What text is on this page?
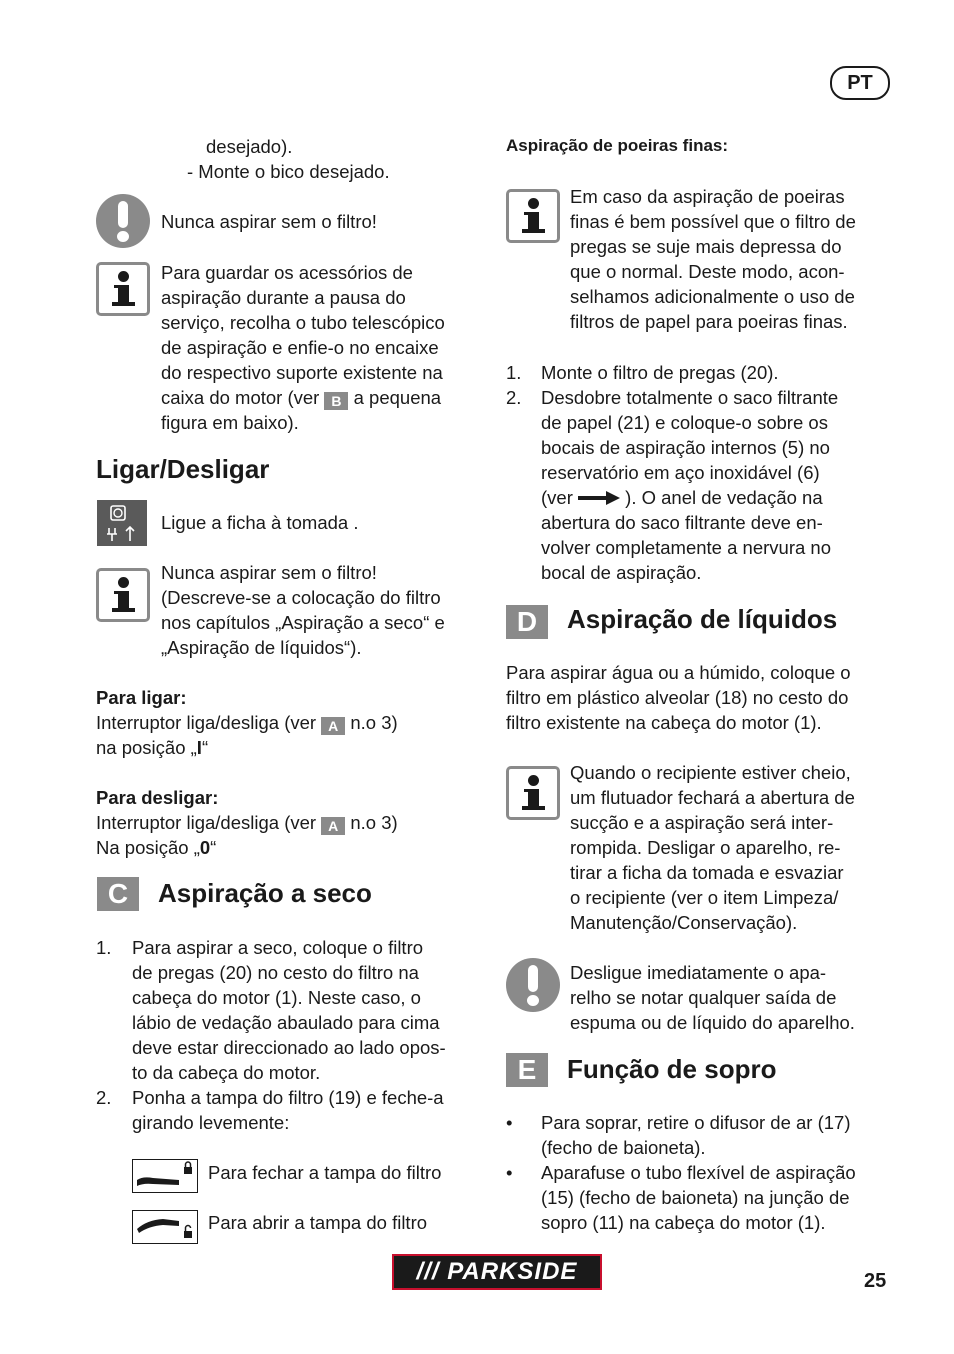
PT
desejado).
- Monte o bico desejado.
Nunca aspirar sem o filtro!
Para guardar os acessórios de
aspiração durante a pausa do
serviço, recolha o tubo telescópico
de aspiração e enfie-o no encaixe
do respectivo suporte existente na
caixa do motor (ver B a pequena
figura em baixo).
Ligar/Desligar
Ligue a ficha à tomada .
Nunca aspirar sem o filtro!
(Descreve-se a colocação do filtro
nos capítulos „Aspiração a seco“ e
„Aspiração de líquidos“).
Para ligar:
Interruptor liga/desliga (ver A n.o 3)
na posição „I“
Para desligar:
Interruptor liga/desliga (ver A n.o 3)
Na posição „0“
C	Aspiração a seco
1. Para aspirar a seco, coloque o filtro
de pregas (20) no cesto do filtro na
cabeça do motor (1). Neste caso, o
lábio de vedação abaulado para cima
deve estar direccionado ao lado opos-
to da cabeça do motor.
2. Ponha a tampa do filtro (19) e feche-a
girando levemente:
Para fechar a tampa do filtro
Para abrir a tampa do filtro
Aspiração de poeiras finas:
Em caso da aspiração de poeiras
finas é bem possível que o filtro de
pregas se suje mais depressa do
que o normal. Deste modo, acon-
selhamos adicionalmente o uso de
filtros de papel para poeiras finas.
1. Monte o filtro de pregas (20).
2. Desdobre totalmente o saco filtrante
de papel (21) e coloque-o sobre os
bocais de aspiração internos (5) no
reservatório em aço inoxidável (6)
(ver	). O anel de vedação na
abertura do saco filtrante deve en-
volver completamente a nervura no
bocal de aspiração.
D	Aspiração de líquidos
Para aspirar água ou a húmido, coloque o
filtro em plástico alveolar (18) no cesto do
filtro existente na cabeça do motor (1).
Quando o recipiente estiver cheio,
um flutuador fechará a abertura de
sucção e a aspiração será inter-
rompida. Desligar o aparelho, re-
tirar a ficha da tomada e esvaziar
o recipiente (ver o item Limpeza/
Manutenção/Conservação).
Desligue imediatamente o apa-
relho se notar qualquer saída de
espuma ou de líquido do aparelho.
E	Função de sopro
• Para soprar, retire o difusor de ar (17)
(fecho de baioneta).
• Aparafuse o tubo flexível de aspiração
(15) (fecho de baioneta) na junção de
sopro (11) na cabeça do motor (1).
/// PARKSIDE	25
